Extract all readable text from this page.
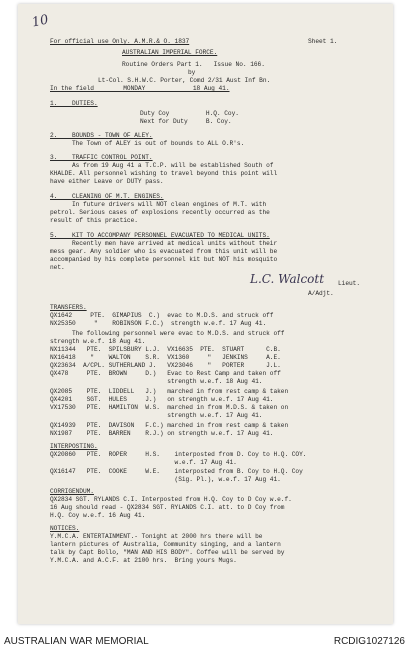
10
For official use Only. A.M.R.& O. 1837	Sheet 1.
AUSTRALIAN IMPERIAL FORCE.
Routine Orders Part 1.   Issue No. 166.
by
Lt-Col. S.H.W.C. Porter, Comd 2/31 Aust Inf Bn.
In the field        MONDAY             18 Aug 41.
1.    DUTIES.
Duty Coy          H.Q. Coy.
Next for Duty     B. Coy.
2.    BOUNDS - TOWN OF ALEY.
The Town of ALEY is out of bounds to ALL O.R's.
3.    TRAFFIC CONTROL POINT.
As from 19 Aug 41 a T.C.P. will be established South of
KHALDE. All personnel wishing to travel beyond this point will
have either Leave or DUTY pass.
4.    CLEANING OF M.T. ENGINES.
In future drivers will NOT clean engines of M.T. with
petrol. Serious cases of explosions recently occurred as the
result of this practice.
5.    KIT TO ACCOMPANY PERSONNEL EVACUATED TO MEDICAL UNITS.
Recently men have arrived at medical units without their
mess gear. Any soldier who is evacuated from this unit will be
accompanied by his complete personnel kit but NOT his mosquito
net.
L.C. Walcott Lieut.
A/Adjt.
TRANSFERS.
QX1642     PTE.  GIMAPIUS  C.)  evac to M.D.S. and struck off
NX25350     "    ROBINSON F.C.)  strength w.e.f. 17 Aug 41.
The following personnel were evac to M.D.S. and struck off
strength w.e.f. 18 Aug 41.
NX11344   PTE.  SPILSBURY L.J.  VX16635  PTE.  STUART      C.B.
NX16418    "    WALTON    S.R.  VX1360     "   JENKINS     A.E.
QX23634  A/CPL. SUTHERLAND J.   VX23046    "   PORTER      J.L.
QX478     PTE.  BROWN     D.)   Evac to Rest Camp and taken off
strength w.e.f. 18 Aug 41.
QX2085    PTE.  LIDDELL   J.)   marched in from rest camp & taken
QX4201    SGT.  HULES     J.)   on strength w.e.f. 17 Aug 41.
VX17530   PTE.  HAMILTON  W.S.  marched in from M.D.S. & taken on
strength w.e.f. 17 Aug 41.
QX14939   PTE.  DAVISON   F.C.) marched in from rest camp & taken
NX1987    PTE.  BARREN    R.J.) on strength w.e.f. 17 Aug 41.
INTERPOSTING.
QX20860   PTE.  ROPER     H.S.    interposted from D. Coy to H.Q. COY.
w.e.f. 17 Aug 41.
QX16147   PTE.  COOKE     W.E.    interposted from B. Coy to H.Q. Coy
(Sig. Pl.), w.e.f. 17 Aug 41.
CORRIGENDUM.
QX2834 SGT. RYLANDS C.I. Interposted from H.Q. Coy to D Coy w.e.f.
16 Aug should read - QX2834 SGT. RYLANDS C.I. att. to D Coy from
H.Q. Coy w.e.f. 16 Aug 41.
NOTICES.
Y.M.C.A. ENTERTAINMENT.- Tonight at 2000 hrs there will be
lantern pictures of Australia, Community singing, and a lantern
talk by Capt Bollo, "MAN AND HIS BODY". Coffee will be served by
Y.M.C.A. and A.C.F. at 2100 hrs.  Bring yours Mugs.
AUSTRALIAN WAR MEMORIAL	RCDIG1027126
